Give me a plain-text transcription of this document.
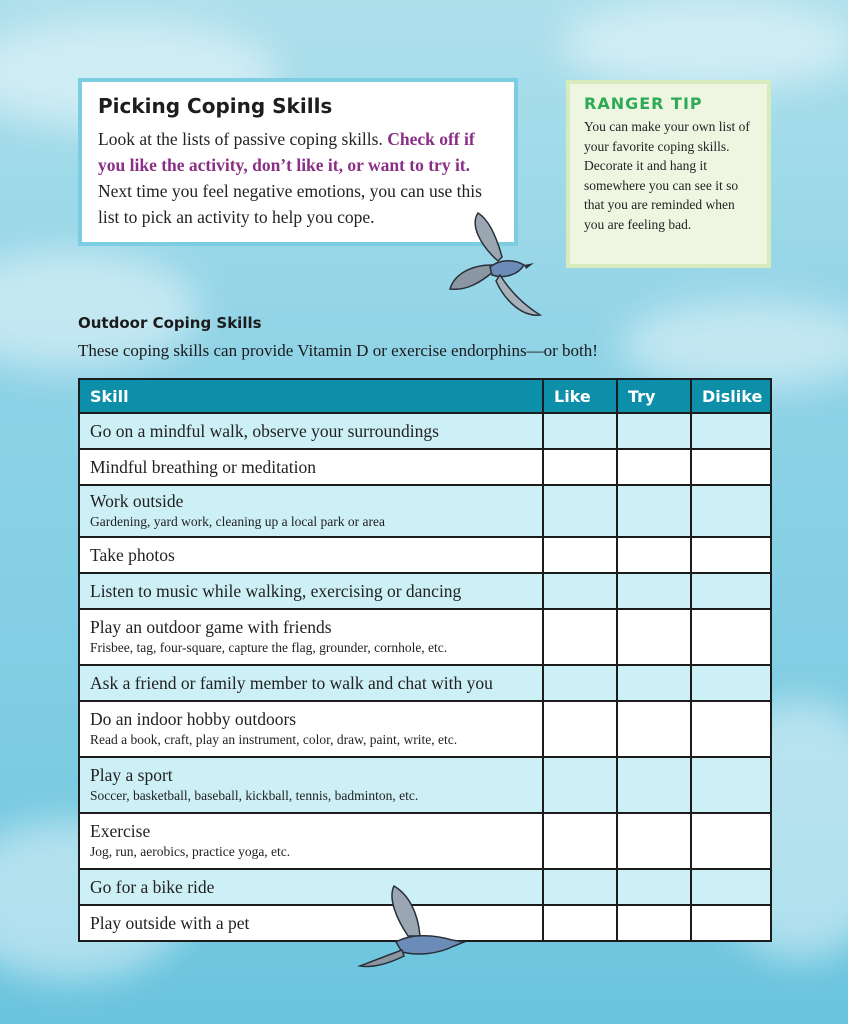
Picking Coping Skills

Look at the lists of passive coping skills. Check off if you like the activity, don’t like it, or want to try it. Next time you feel negative emotions, you can use this list to pick an activity to help you cope.

RANGER TIP

You can make your own list of your favorite coping skills. Decorate it and hang it somewhere you can see it so that you are reminded when you are feeling bad.

Outdoor Coping Skills
These coping skills can provide Vitamin D or exercise endorphins—or both!
Skill	Like	Try	Dislike

Go on a mindful walk, observe your surroundings			

Mindful breathing or meditation			

Work outside
Gardening, yard work, cleaning up a local park or area			

Take photos			

Listen to music while walking, exercising or dancing			

Play an outdoor game with friends
Frisbee, tag, four-square, capture the flag, grounder, cornhole, etc.			

Ask a friend or family member to walk and chat with you			

Do an indoor hobby outdoors
Read a book, craft, play an instrument, color, draw, paint, write, etc.			

Play a sport
Soccer, basketball, baseball, kickball, tennis, badminton, etc.			

Exercise
Jog, run, aerobics, practice yoga, etc.			

Go for a bike ride			

Play outside with a pet			
